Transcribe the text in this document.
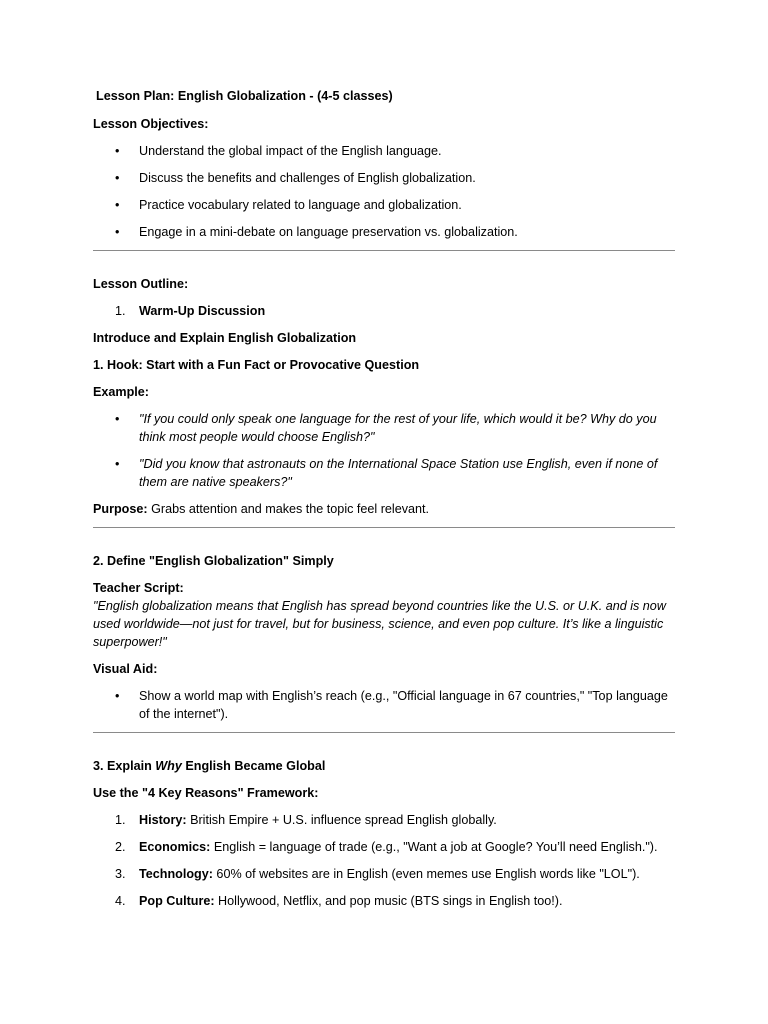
Lesson Plan: English Globalization - (4-5 classes)

Lesson Objectives:

• Understand the global impact of the English language.
• Discuss the benefits and challenges of English globalization.
• Practice vocabulary related to language and globalization.
• Engage in a mini-debate on language preservation vs. globalization.

Lesson Outline:

1. Warm-Up Discussion

Introduce and Explain English Globalization

1. Hook: Start with a Fun Fact or Provocative Question

Example:

• "If you could only speak one language for the rest of your life, which would it be? Why do you think most people would choose English?"
• "Did you know that astronauts on the International Space Station use English, even if none of them are native speakers?"

Purpose: Grabs attention and makes the topic feel relevant.

2. Define "English Globalization" Simply

Teacher Script:

"English globalization means that English has spread beyond countries like the U.S. or U.K. and is now used worldwide—not just for travel, but for business, science, and even pop culture. It’s like a linguistic superpower!"

Visual Aid:

• Show a world map with English’s reach (e.g., "Official language in 67 countries," "Top language of the internet").

3. Explain Why English Became Global

Use the "4 Key Reasons" Framework:

1. History: British Empire + U.S. influence spread English globally.
2. Economics: English = language of trade (e.g., "Want a job at Google? You’ll need English.").
3. Technology: 60% of websites are in English (even memes use English words like "LOL").
4. Pop Culture: Hollywood, Netflix, and pop music (BTS sings in English too!).
